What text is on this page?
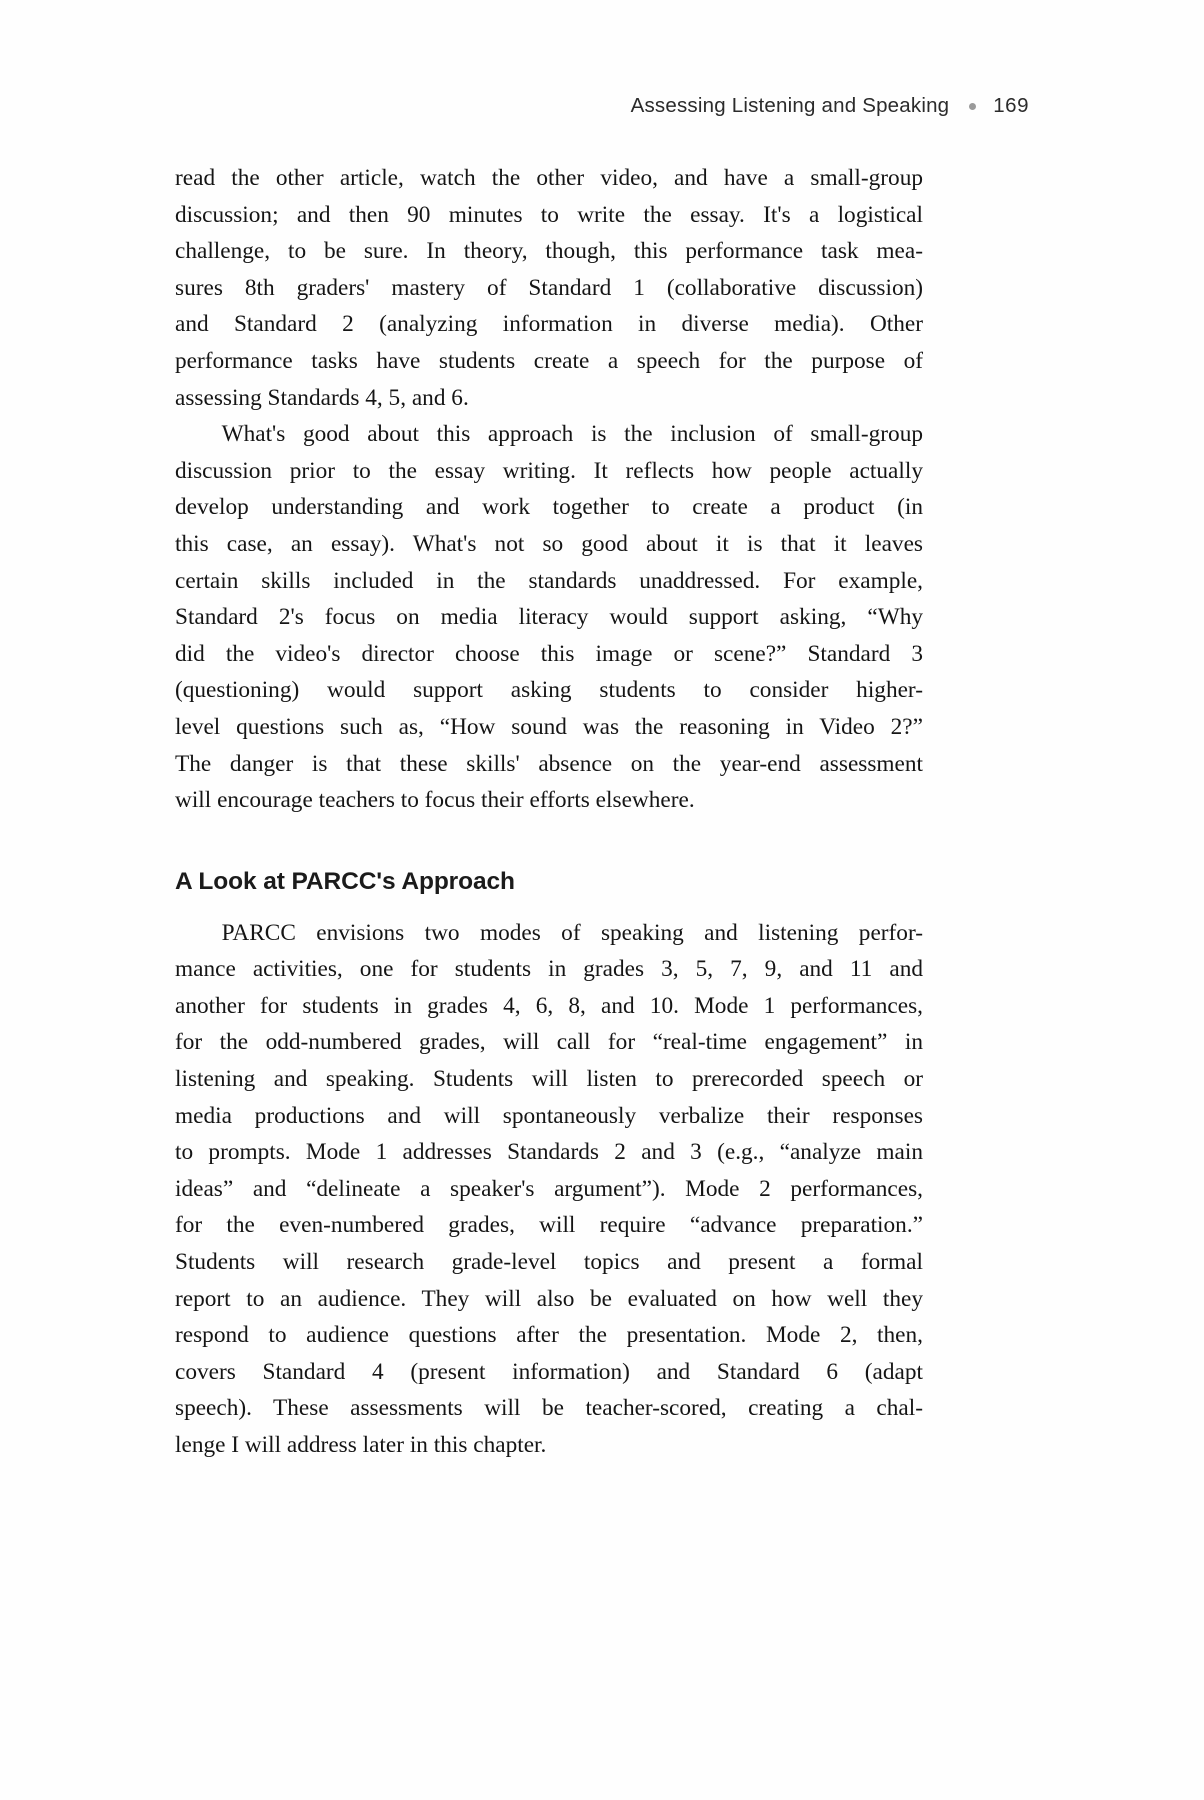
Assessing Listening and Speaking 169

read the other article, watch the other video, and have a small-group
discussion; and then 90 minutes to write the essay. It's a logistical
challenge, to be sure. In theory, though, this performance task mea-
sures 8th graders' mastery of Standard 1 (collaborative discussion)
and Standard 2 (analyzing information in diverse media). Other
performance tasks have students create a speech for the purpose of
assessing Standards 4, 5, and 6.

What's good about this approach is the inclusion of small-group
discussion prior to the essay writing. It reflects how people actually
develop understanding and work together to create a product (in
this case, an essay). What's not so good about it is that it leaves
certain skills included in the standards unaddressed. For example,
Standard 2's focus on media literacy would support asking, “Why
did the video's director choose this image or scene?” Standard 3
(questioning) would support asking students to consider higher-
level questions such as, “How sound was the reasoning in Video 2?”
The danger is that these skills' absence on the year-end assessment
will encourage teachers to focus their efforts elsewhere.

A Look at PARCC's Approach

PARCC envisions two modes of speaking and listening perfor-
mance activities, one for students in grades 3, 5, 7, 9, and 11 and
another for students in grades 4, 6, 8, and 10. Mode 1 performances,
for the odd-numbered grades, will call for “real-time engagement” in
listening and speaking. Students will listen to prerecorded speech or
media productions and will spontaneously verbalize their responses
to prompts. Mode 1 addresses Standards 2 and 3 (e.g., “analyze main
ideas” and “delineate a speaker's argument”). Mode 2 performances,
for the even-numbered grades, will require “advance preparation.”
Students will research grade-level topics and present a formal
report to an audience. They will also be evaluated on how well they
respond to audience questions after the presentation. Mode 2, then,
covers Standard 4 (present information) and Standard 6 (adapt
speech). These assessments will be teacher-scored, creating a chal-
lenge I will address later in this chapter.
